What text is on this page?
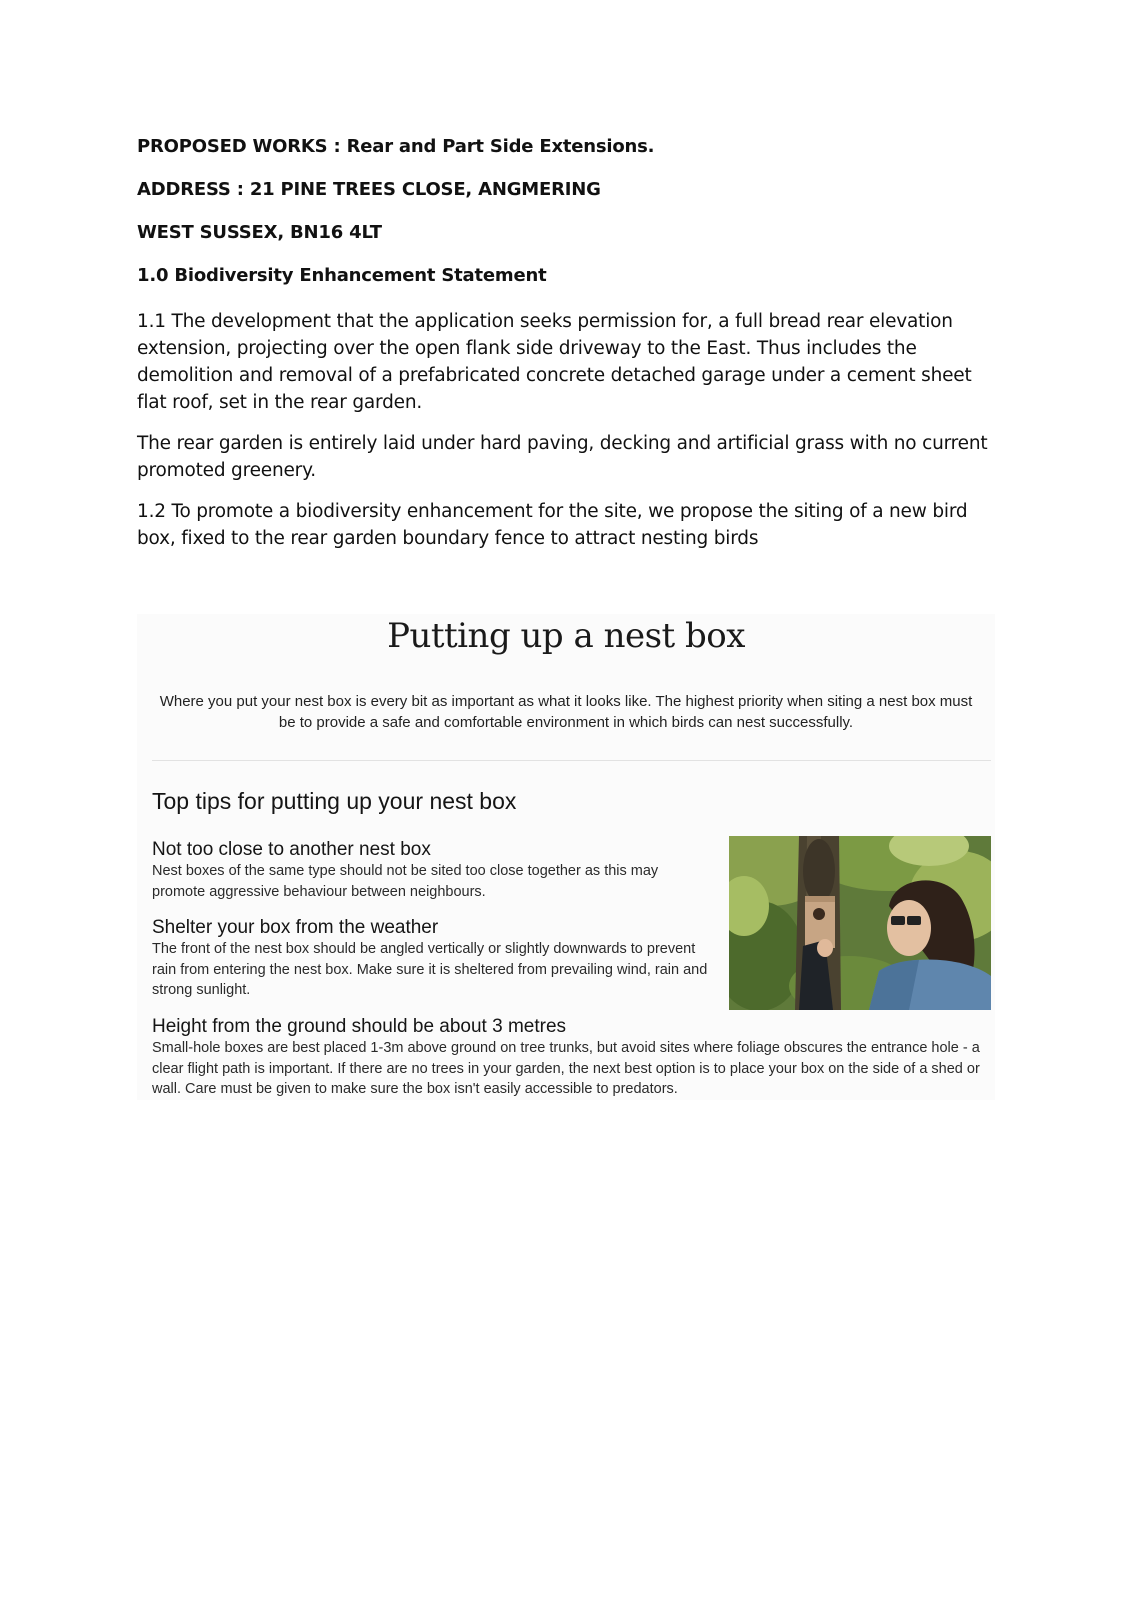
PROPOSED WORKS : Rear and Part Side Extensions.
ADDRESS : 21 PINE TREES CLOSE, ANGMERING
WEST SUSSEX, BN16 4LT
1.0 Biodiversity Enhancement Statement

1.1 The development that the application seeks permission for, a full bread rear elevation extension, projecting over the open flank side driveway to the East. Thus includes the demolition and removal of a prefabricated concrete detached garage under a cement sheet flat roof, set in the rear garden.

The rear garden is entirely laid under hard paving, decking and artificial grass with no current promoted greenery.

1.2 To promote a biodiversity enhancement for the site, we propose the siting of a new bird box, fixed to the rear garden boundary fence to attract nesting birds

Putting up a nest box
Where you put your nest box is every bit as important as what it looks like. The highest priority when siting a nest box must be to provide a safe and comfortable environment in which birds can nest successfully.
Top tips for putting up your nest box
Not too close to another nest box

Nest boxes of the same type should not be sited too close together as this may promote aggressive behaviour between neighbours.

Shelter your box from the weather

The front of the nest box should be angled vertically or slightly downwards to prevent rain from entering the nest box. Make sure it is sheltered from prevailing wind, rain and strong sunlight.

Height from the ground should be about 3 metres

Small-hole boxes are best placed 1-3m above ground on tree trunks, but avoid sites where foliage obscures the entrance hole - a clear flight path is important. If there are no trees in your garden, the next best option is to place your box on the side of a shed or wall. Care must be given to make sure the box isn't easily accessible to predators.
